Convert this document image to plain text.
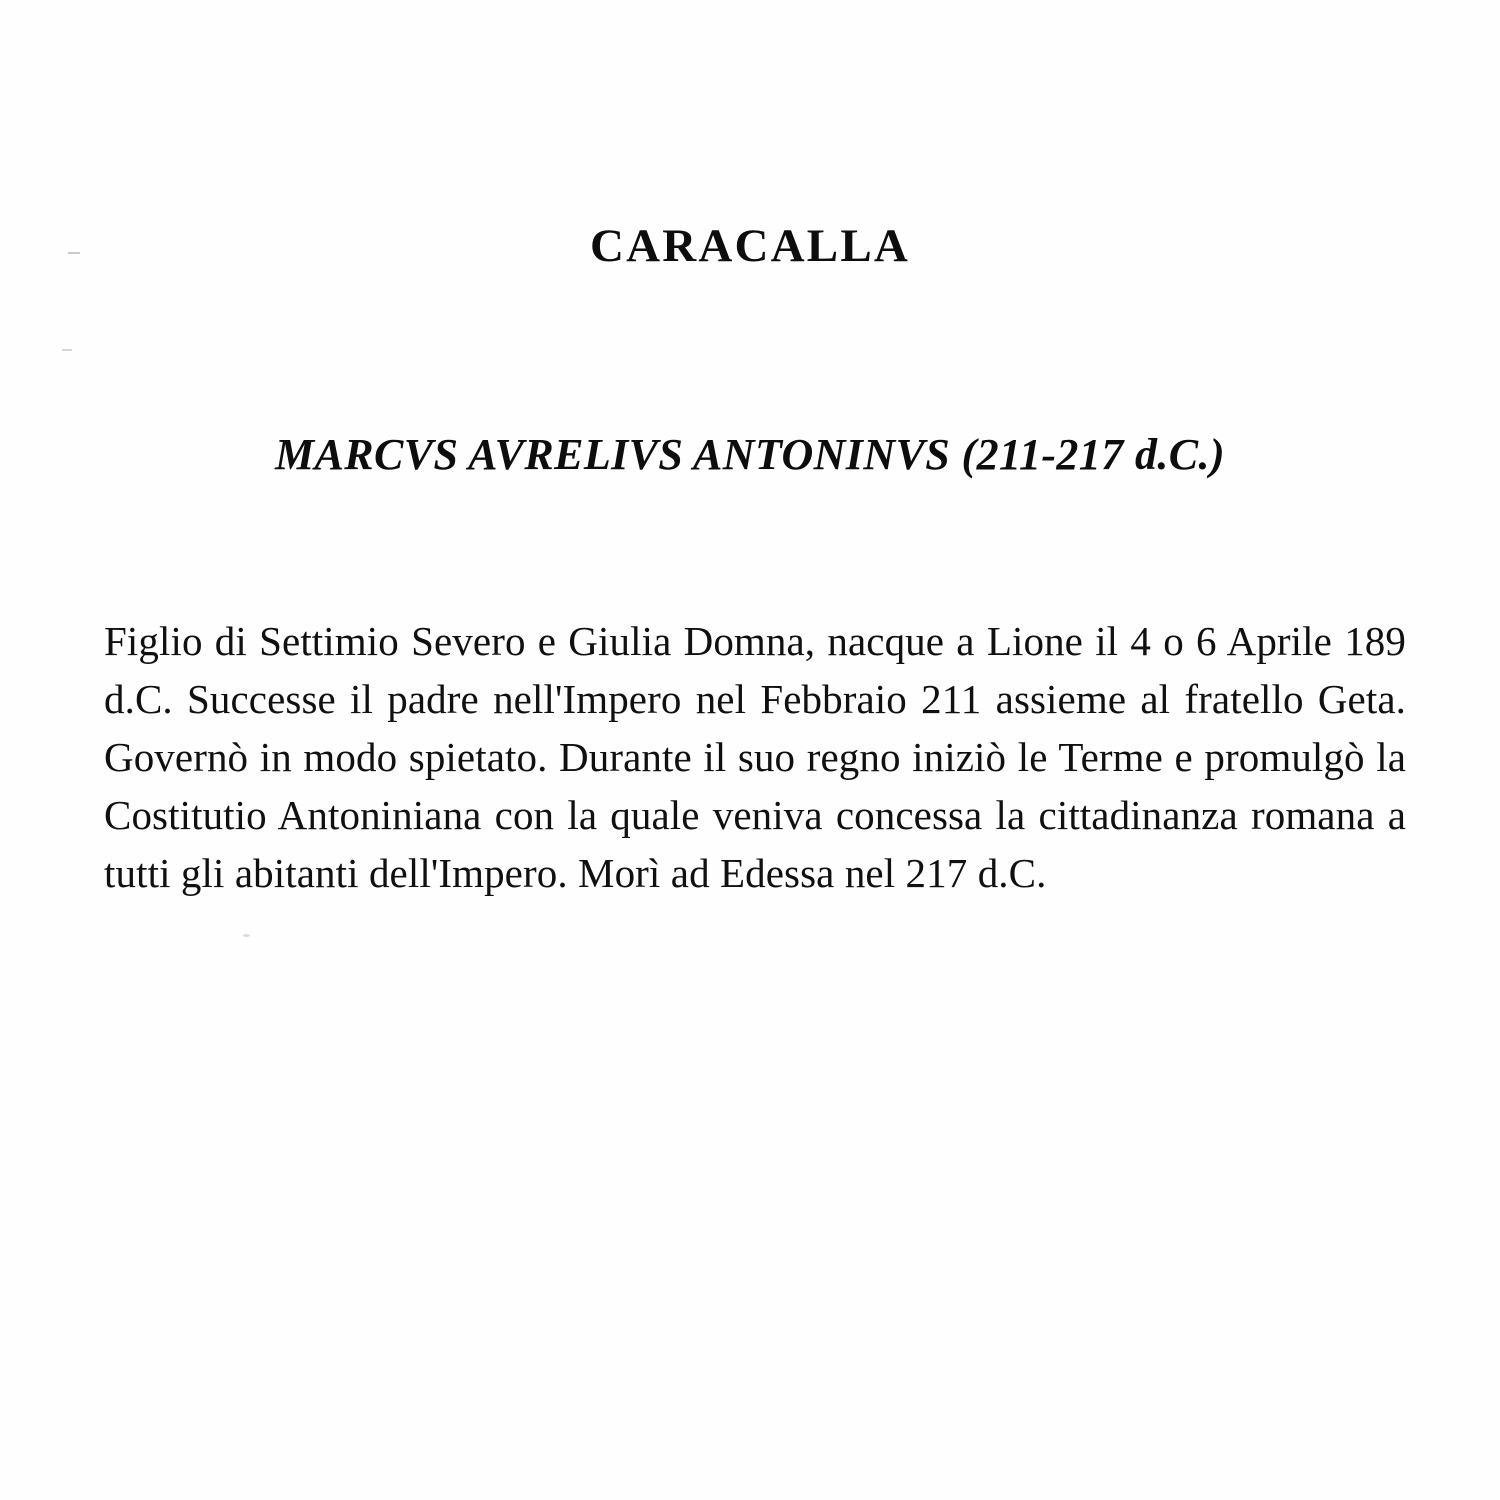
CARACALLA
MARCVS AVRELIVS ANTONINVS (211-217 d.C.)

Figlio di Settimio Severo e Giulia Domna, nacque a Lione il 4 o 6 Aprile 189 d.C. Successe il padre nell'Impero nel Febbraio 211 assieme al fratello Geta. Governò in modo spietato. Durante il suo regno iniziò le Terme e promulgò la Costitutio Antoniniana con la quale veniva concessa la cittadinanza romana a tutti gli abitanti dell'Impero. Morì ad Edessa nel 217 d.C.
